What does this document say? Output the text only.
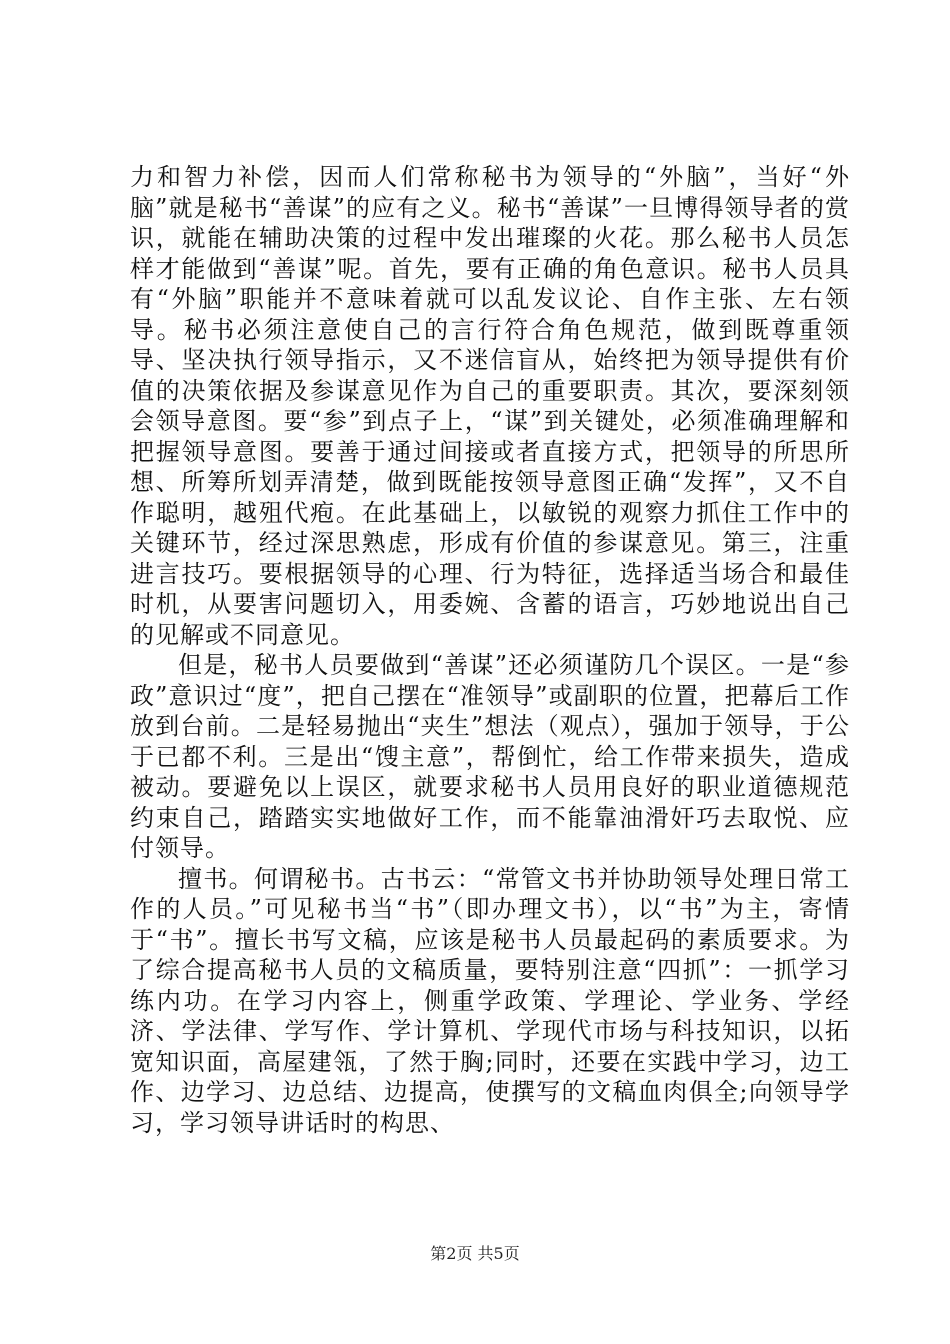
力和智力补偿，因而人们常称秘书为领导的“外脑”，当好“外脑”就是秘书“善谋”的应有之义。秘书“善谋”一旦博得领导者的赏识，就能在辅助决策的过程中发出璀璨的火花。那么秘书人员怎样才能做到“善谋”呢。首先，要有正确的角色意识。秘书人员具有“外脑”职能并不意味着就可以乱发议论、自作主张、左右领导。秘书必须注意使自己的言行符合角色规范，做到既尊重领导、坚决执行领导指示，又不迷信盲从，始终把为领导提供有价值的决策依据及参谋意见作为自己的重要职责。其次，要深刻领会领导意图。要“参”到点子上，“谋”到关键处，必须准确理解和把握领导意图。要善于通过间接或者直接方式，把领导的所思所想、所筹所划弄清楚，做到既能按领导意图正确“发挥”，又不自作聪明，越殂代疱。在此基础上，以敏锐的观察力抓住工作中的关键环节，经过深思熟虑，形成有价值的参谋意见。第三，注重进言技巧。要根据领导的心理、行为特征，选择适当场合和最佳时机，从要害问题切入，用委婉、含蓄的语言，巧妙地说出自己的见解或不同意见。

但是，秘书人员要做到“善谋”还必须谨防几个误区。一是“参政”意识过“度”，把自己摆在“准领导”或副职的位置，把幕后工作放到台前。二是轻易抛出“夹生”想法（观点），强加于领导，于公于已都不利。三是出“馊主意”，帮倒忙，给工作带来损失，造成被动。要避免以上误区，就要求秘书人员用良好的职业道德规范约束自己，踏踏实实地做好工作，而不能靠油滑奸巧去取悦、应付领导。

擅书。何谓秘书。古书云：“常管文书并协助领导处理日常工作的人员。”可见秘书当“书”（即办理文书），以“书”为主，寄情于“书”。擅长书写文稿，应该是秘书人员最起码的素质要求。为了综合提高秘书人员的文稿质量，要特别注意“四抓”：一抓学习练内功。在学习内容上，侧重学政策、学理论、学业务、学经济、学法律、学写作、学计算机、学现代市场与科技知识，以拓宽知识面，高屋建瓴，了然于胸;同时，还要在实践中学习，边工作、边学习、边总结、边提高，使撰写的文稿血肉俱全;向领导学习，学习领导讲话时的构思、

第2页 共5页
